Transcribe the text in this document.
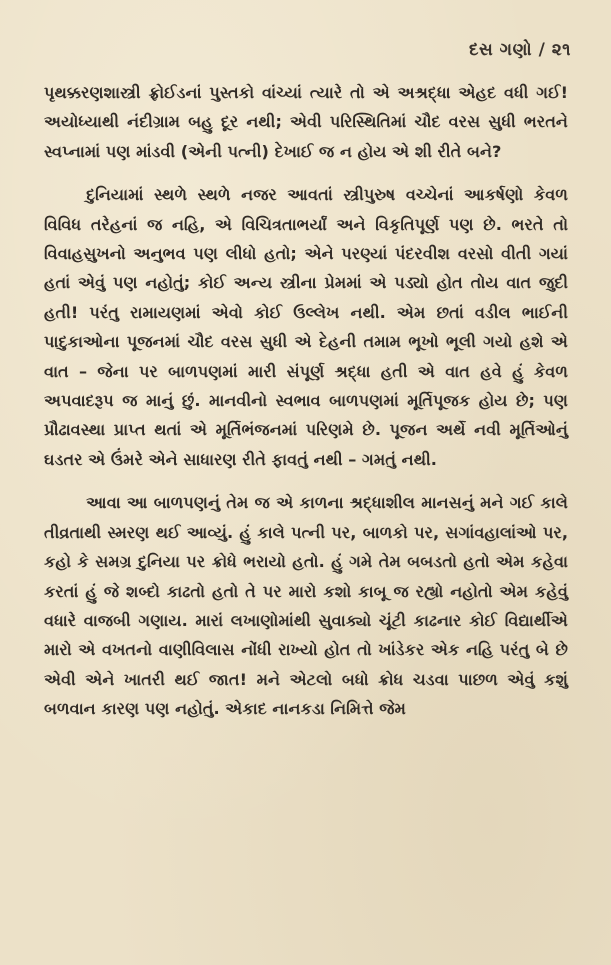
દસ ગણો / ૨૧

પૃથક્કરણશાસ્ત્રી ફ્રોઈડનાં પુસ્તકો વાંચ્યાં ત્યારે તો એ અશ્રદ્ધા એહદ વધી ગઈ! અયોધ્યાથી નંદીગ્રામ બહુ દૂર નથી; એવી પરિસ્થિતિમાં ચૌદ વરસ સુધી ભરતને સ્વપ્નામાં પણ માંડવી (એની પત્ની) દેખાઈ જ ન હોય એ શી રીતે બને?

દુનિયામાં સ્થળે સ્થળે નજર આવતાં સ્ત્રીપુરુષ વચ્ચેનાં આકર્ષણો કેવળ વિવિધ તરેહનાં જ નહિ, એ વિચિત્રતાભર્યાં અને વિકૃતિપૂર્ણ પણ છે. ભરતે તો વિવાહસુખનો અનુભવ પણ લીધો હતો; એને પરણ્યાં પંદરવીશ વરસો વીતી ગયાં હતાં એવું પણ નહોતું; કોઈ અન્ય સ્ત્રીના પ્રેમમાં એ પડ્યો હોત તોય વાત જુદી હતી! પરંતુ રામાયણમાં એવો કોઈ ઉલ્લેખ નથી. એમ છતાં વડીલ ભાઈની પાદુકાઓના પૂજનમાં ચૌદ વરસ સુધી એ દેહની તમામ ભૂખો ભૂલી ગયો હશે એ વાત – જેના પર બાળપણમાં મારી સંપૂર્ણ શ્રદ્ધા હતી એ વાત હવે હું કેવળ અપવાદરૂપ જ માનું છું. માનવીનો સ્વભાવ બાળપણમાં મૂર્તિપૂજક હોય છે; પણ પ્રૌઢાવસ્થા પ્રાપ્ત થતાં એ મૂર્તિભંજનમાં પરિણમે છે. પૂજન અર્થે નવી મૂર્તિઓનું ઘડતર એ ઉંમરે એને સાધારણ રીતે ફાવતું નથી – ગમતું નથી.

આવા આ બાળપણનું તેમ જ એ કાળના શ્રદ્ધાશીલ માનસનું મને ગઈ કાલે તીવ્રતાથી સ્મરણ થઈ આવ્યું. હું કાલે પત્ની પર, બાળકો પર, સગાંવહાલાંઓ પર, કહો કે સમગ્ર દુનિયા પર ક્રોધે ભરાયો હતો. હું ગમે તેમ બબડતો હતો એમ કહેવા કરતાં હું જે શબ્દો કાઢતો હતો તે પર મારો કશો કાબૂ જ રહ્યો નહોતો એમ કહેવું વધારે વાજબી ગણાય. મારાં લખાણોમાંથી સુવાક્યો ચૂંટી કાઢનાર કોઈ વિદ્યાર્થીએ મારો એ વખતનો વાણીવિલાસ નોંધી રાખ્યો હોત તો ખાંડેકર એક નહિ પરંતુ બે છે એવી એને ખાતરી થઈ જાત! મને એટલો બધો ક્રોધ ચડવા પાછળ એવું કશું બળવાન કારણ પણ નહોતું. એકાદ નાનકડા નિમિત્તે જેમ
